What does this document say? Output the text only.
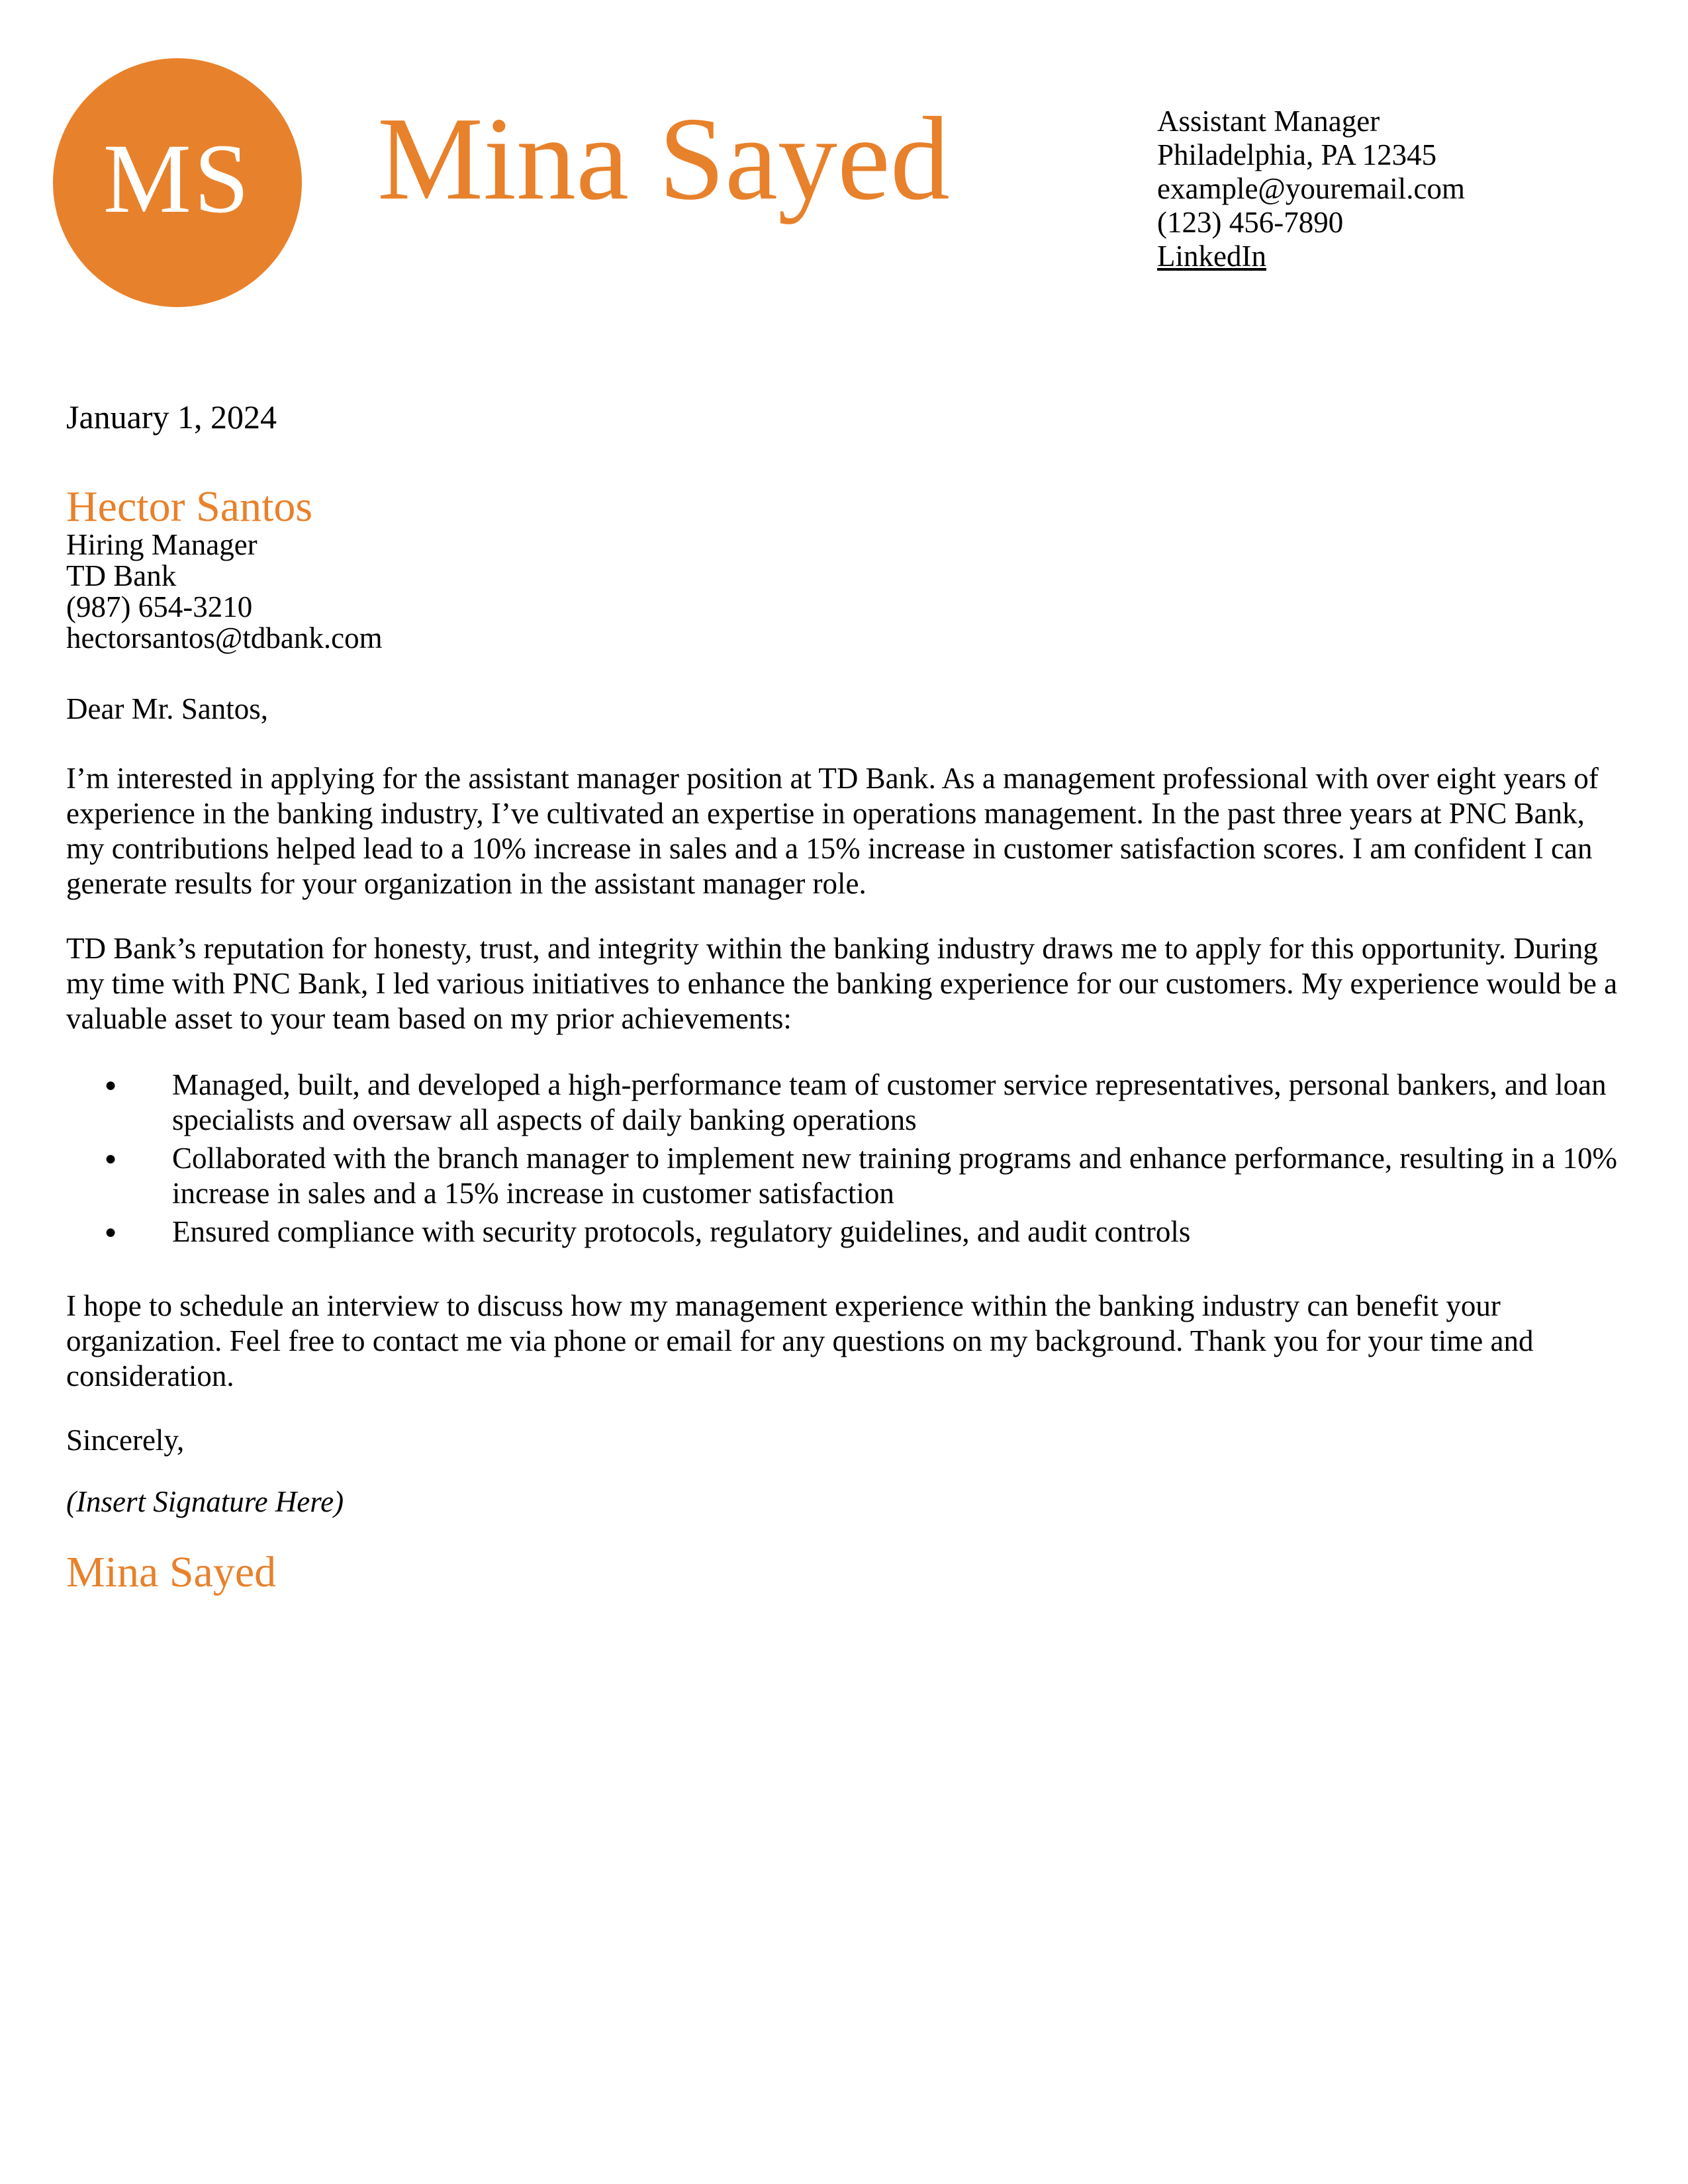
MS Mina Sayed	Assistant Manager
Philadelphia, PA 12345
example@youremail.com
(123) 456-7890
LinkedIn
January 1, 2024
Hector Santos
Hiring Manager
TD Bank
(987) 654-3210
hectorsantos@tdbank.com
Dear Mr. Santos,

I’m interested in applying for the assistant manager position at TD Bank. As a management professional with over eight years of experience in the banking industry, I’ve cultivated an expertise in operations management. In the past three years at PNC Bank, my contributions helped lead to a 10% increase in sales and a 15% increase in customer satisfaction scores. I am confident I can generate results for your organization in the assistant manager role.

TD Bank’s reputation for honesty, trust, and integrity within the banking industry draws me to apply for this opportunity. During my time with PNC Bank, I led various initiatives to enhance the banking experience for our customers. My experience would be a valuable asset to your team based on my prior achievements:

● Managed, built, and developed a high-performance team of customer service representatives, personal bankers, and loan specialists and oversaw all aspects of daily banking operations
● Collaborated with the branch manager to implement new training programs and enhance performance, resulting in a 10% increase in sales and a 15% increase in customer satisfaction
● Ensured compliance with security protocols, regulatory guidelines, and audit controls

I hope to schedule an interview to discuss how my management experience within the banking industry can benefit your organization. Feel free to contact me via phone or email for any questions on my background. Thank you for your time and consideration.

Sincerely,
(Insert Signature Here)
Mina Sayed
